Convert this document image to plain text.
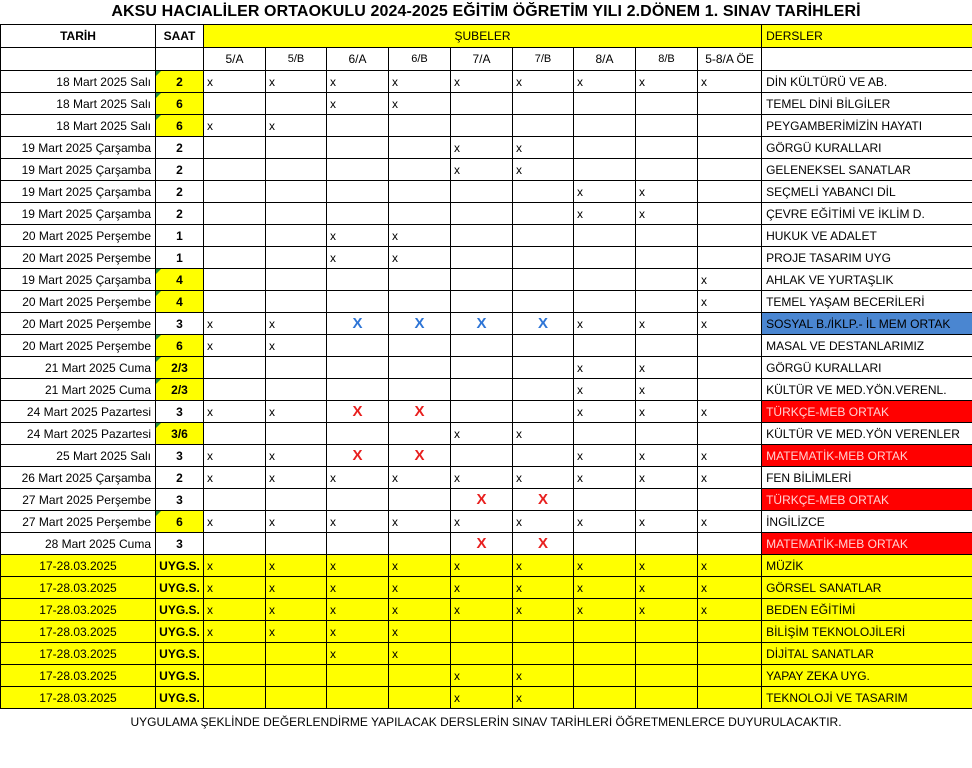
AKSU HACIALİLER ORTAOKULU 2024-2025 EĞİTİM ÖĞRETİM YILI 2.DÖNEM 1. SINAV TARİHLERİ
TARİH	SAAT	ŞUBELER									DERSLER
		5/A	5/B	6/A	6/B	7/A	7/B	8/A	8/B	5-8/A ÖE	
18 Mart 2025 Salı	2	x	x	x	x	x	x	x	x	x	DİN KÜLTÜRÜ VE AB.
18 Mart 2025 Salı	6			x	x						TEMEL DİNİ BİLGİLER
18 Mart 2025 Salı	6	x	x								PEYGAMBERİMİZİN HAYATI
19 Mart 2025 Çarşamba	2					x	x				GÖRGÜ KURALLARI
19 Mart 2025 Çarşamba	2					x	x				GELENEKSEL SANATLAR
19 Mart 2025 Çarşamba	2							x	x		SEÇMELİ YABANCI DİL
19 Mart 2025 Çarşamba	2							x	x		ÇEVRE EĞİTİMİ VE İKLİM D.
20 Mart 2025 Perşembe	1			x	x						HUKUK VE ADALET
20 Mart 2025 Perşembe	1			x	x						PROJE TASARIM UYG
19 Mart 2025 Çarşamba	4									x	AHLAK VE YURTAŞLIK
20 Mart 2025 Perşembe	4									x	TEMEL YAŞAM BECERİLERİ
20 Mart 2025 Perşembe	3	x	x	X	X	X	X	x	x	x	SOSYAL B./İKLP.- İL MEM ORTAK
20 Mart 2025 Perşembe	6	x	x								MASAL VE DESTANLARIMIZ
21 Mart 2025 Cuma	2/3							x	x		GÖRGÜ KURALLARI
21 Mart 2025 Cuma	2/3							x	x		KÜLTÜR VE MED.YÖN.VERENL.
24 Mart 2025 Pazartesi	3	x	x	X	X			x	x	x	TÜRKÇE-MEB ORTAK
24 Mart 2025 Pazartesi	3/6					x	x				KÜLTÜR VE MED.YÖN VERENLER
25 Mart 2025 Salı	3	x	x	X	X			x	x	x	MATEMATİK-MEB ORTAK
26 Mart 2025 Çarşamba	2	x	x	x	x	x	x	x	x	x	FEN BİLİMLERİ
27 Mart 2025 Perşembe	3					X	X				TÜRKÇE-MEB ORTAK
27 Mart 2025 Perşembe	6	x	x	x	x	x	x	x	x	x	İNGİLİZCE
28 Mart 2025 Cuma	3					X	X				MATEMATİK-MEB ORTAK
17-28.03.2025	UYG.S.	x	x	x	x	x	x	x	x	x	MÜZİK
17-28.03.2025	UYG.S.	x	x	x	x	x	x	x	x	x	GÖRSEL SANATLAR
17-28.03.2025	UYG.S.	x	x	x	x	x	x	x	x	x	BEDEN EĞİTİMİ
17-28.03.2025	UYG.S.	x	x	x	x						BİLİŞİM TEKNOLOJİLERİ
17-28.03.2025	UYG.S.			x	x						DİJİTAL SANATLAR
17-28.03.2025	UYG.S.					x	x				YAPAY ZEKA UYG.
17-28.03.2025	UYG.S.					x	x				TEKNOLOJİ VE TASARIM
UYGULAMA ŞEKLİNDE DEĞERLENDİRME YAPILACAK DERSLERİN SINAV TARİHLERİ ÖĞRETMENLERCE DUYURULACAKTIR.
